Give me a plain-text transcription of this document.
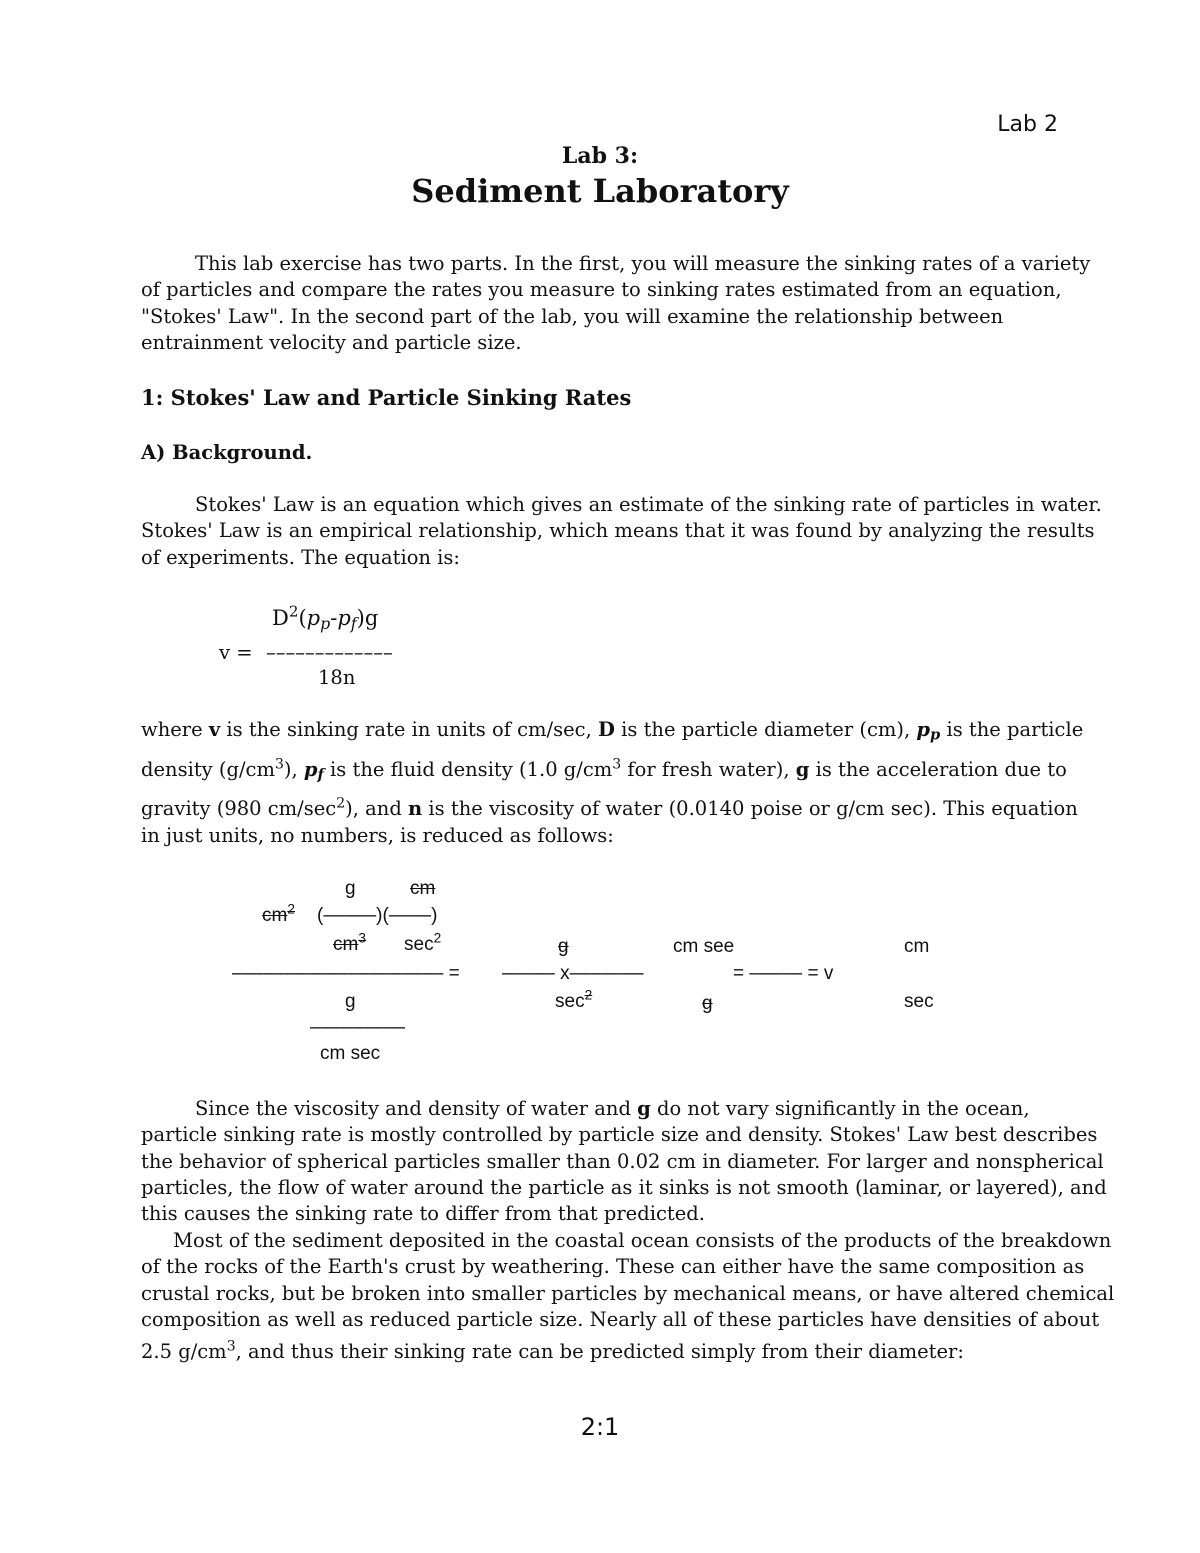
Lab 2
Lab 3:
Sediment Laboratory
This lab exercise has two parts. In the first, you will measure the sinking rates of a variety
of particles and compare the rates you measure to sinking rates estimated from an equation,
"Stokes' Law". In the second part of the lab, you will examine the relationship between
entrainment velocity and particle size.
1: Stokes' Law and Particle Sinking Rates
A) Background.
Stokes' Law is an equation which gives an estimate of the sinking rate of particles in water.
Stokes' Law is an empirical relationship, which means that it was found by analyzing the results
of experiments. The equation is:
$D^2(p_p-p_f)g$
v = –––––––––––––
18n
where v is the sinking rate in units of cm/sec, D is the particle diameter (cm), $p_p$ is the particle
density $(g/cm^3)$, $p_f$ is the fluid density (1.0 $g/cm^3$ for fresh water), g is the acceleration due to
gravity (980 $cm/\sec^2$), and n is the viscosity of water (0.0140 poise or g/cm sec). This equation
in just units, no numbers, is reduced as follows:
g	cm
$cm^2$ (–––––)(––––)
$cm^3$ $\sec^2$	g	cm see	cm
–––––––––––––––––––– = ––––– x–––––––	= ––––– = v
g	$\sec^2$	g	sec
–––––––––
cm sec
Since the viscosity and density of water and g do not vary significantly in the ocean,
particle sinking rate is mostly controlled by particle size and density. Stokes' Law best describes
the behavior of spherical particles smaller than 0.02 cm in diameter. For larger and nonspherical
particles, the flow of water around the particle as it sinks is not smooth (laminar, or layered), and
this causes the sinking rate to differ from that predicted.
Most of the sediment deposited in the coastal ocean consists of the products of the breakdown
of the rocks of the Earth's crust by weathering. These can either have the same composition as
crustal rocks, but be broken into smaller particles by mechanical means, or have altered chemical
composition as well as reduced particle size. Nearly all of these particles have densities of about
2.5 $g/cm^3$, and thus their sinking rate can be predicted simply from their diameter:
2:1
